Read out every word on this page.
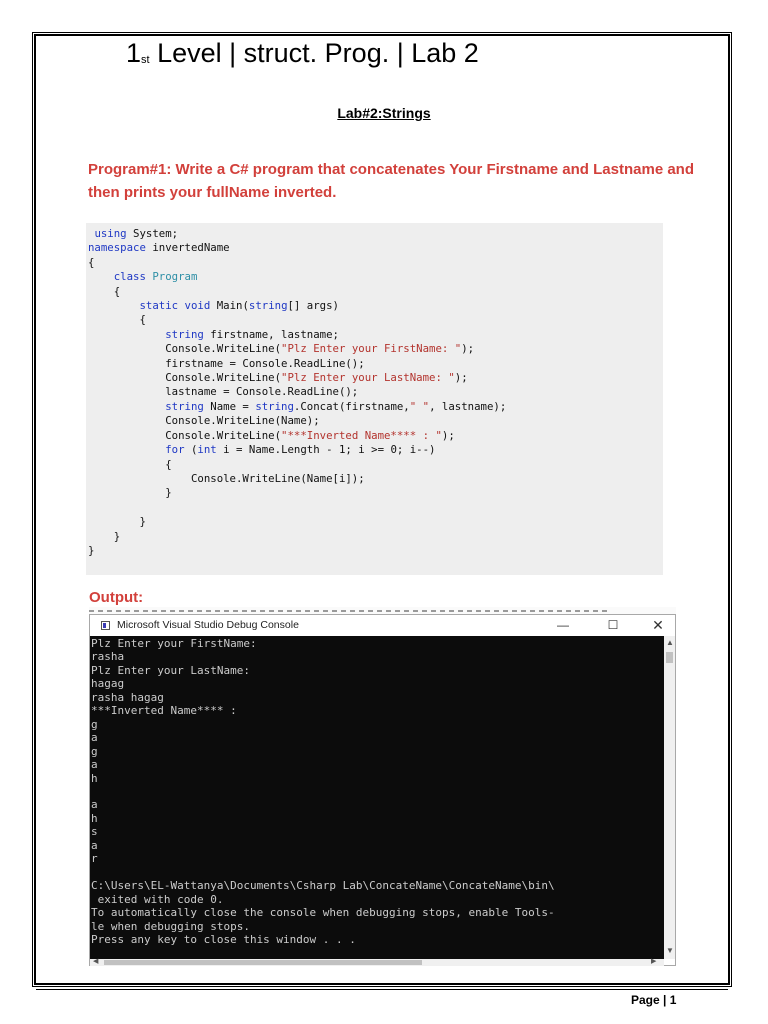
$1_{st}$ Level | struct. Prog. | Lab 2
Lab#2:Strings
Program#1: Write a C# program that concatenates Your Firstname and Lastname and then prints your fullName inverted.
using System;
namespace invertedName
{
class Program
{
static void Main(string[] args)
{
string firstname, lastname;
Console.WriteLine("Plz Enter your FirstName: ");
firstname = Console.ReadLine();
Console.WriteLine("Plz Enter your LastName: ");
lastname = Console.ReadLine();
string Name = string.Concat(firstname," ", lastname);
Console.WriteLine(Name);
Console.WriteLine("***Inverted Name**** : ");
for (int i = Name.Length - 1; i >= 0; i--)
{
Console.WriteLine(Name[i]);
}
}
}
}
Output:
Microsoft Visual Studio Debug Console	—	☐	✕
Plz Enter your FirstName:
rasha
Plz Enter your LastName:
hagag
rasha hagag
***Inverted Name**** :
g
a
g
a
h
a
h
s
a
r
C:\Users\EL-Wattanya\Documents\Csharp Lab\ConcateName\ConcateName\bin\
exited with code 0.
To automatically close the console when debugging stops, enable Tools-
le when debugging stops.
Press any key to close this window . . .
▲
▼
◀	▶
Page | 1
